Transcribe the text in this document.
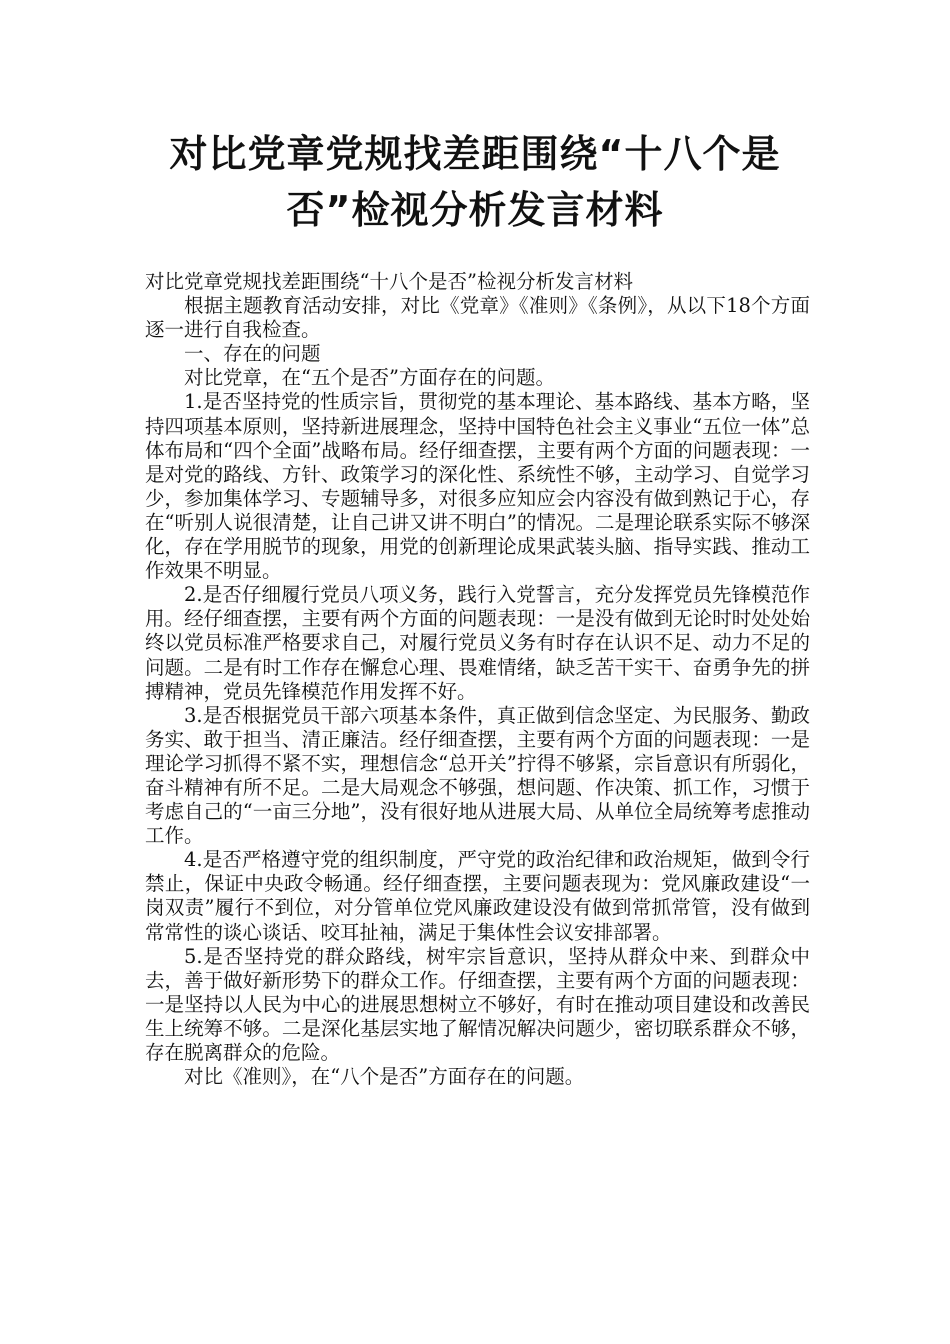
对比党章党规找差距围绕“十八个是
否”检视分析发言材料

对比党章党规找差距围绕“十八个是否”检视分析发言材料

根据主题教育活动安排，对比《党章》《准则》《条例》，从以下18个方面逐一进行自我检查。

一、存在的问题

对比党章，在“五个是否”方面存在的问题。

1.是否坚持党的性质宗旨，贯彻党的基本理论、基本路线、基本方略，坚持四项基本原则，坚持新进展理念，坚持中国特色社会主义事业“五位一体”总体布局和“四个全面”战略布局。经仔细查摆，主要有两个方面的问题表现：一是对党的路线、方针、政策学习的深化性、系统性不够，主动学习、自觉学习少，参加集体学习、专题辅导多，对很多应知应会内容没有做到熟记于心，存在“听别人说很清楚，让自己讲又讲不明白”的情况。二是理论联系实际不够深化，存在学用脱节的现象，用党的创新理论成果武装头脑、指导实践、推动工作效果不明显。

2.是否仔细履行党员八项义务，践行入党誓言，充分发挥党员先锋模范作用。经仔细查摆，主要有两个方面的问题表现：一是没有做到无论时时处处始终以党员标准严格要求自己，对履行党员义务有时存在认识不足、动力不足的问题。二是有时工作存在懈怠心理、畏难情绪，缺乏苦干实干、奋勇争先的拼搏精神，党员先锋模范作用发挥不好。

3.是否根据党员干部六项基本条件，真正做到信念坚定、为民服务、勤政务实、敢于担当、清正廉洁。经仔细查摆，主要有两个方面的问题表现：一是理论学习抓得不紧不实，理想信念“总开关”拧得不够紧，宗旨意识有所弱化，奋斗精神有所不足。二是大局观念不够强，想问题、作决策、抓工作，习惯于考虑自己的“一亩三分地”，没有很好地从进展大局、从单位全局统筹考虑推动工作。

4.是否严格遵守党的组织制度，严守党的政治纪律和政治规矩，做到令行禁止，保证中央政令畅通。经仔细查摆，主要问题表现为：党风廉政建设“一岗双责”履行不到位，对分管单位党风廉政建设没有做到常抓常管，没有做到常常性的谈心谈话、咬耳扯袖，满足于集体性会议安排部署。

5.是否坚持党的群众路线，树牢宗旨意识，坚持从群众中来、到群众中去，善于做好新形势下的群众工作。仔细查摆，主要有两个方面的问题表现：一是坚持以人民为中心的进展思想树立不够好，有时在推动项目建设和改善民生上统筹不够。二是深化基层实地了解情况解决问题少，密切联系群众不够，存在脱离群众的危险。

对比《准则》，在“八个是否”方面存在的问题。
